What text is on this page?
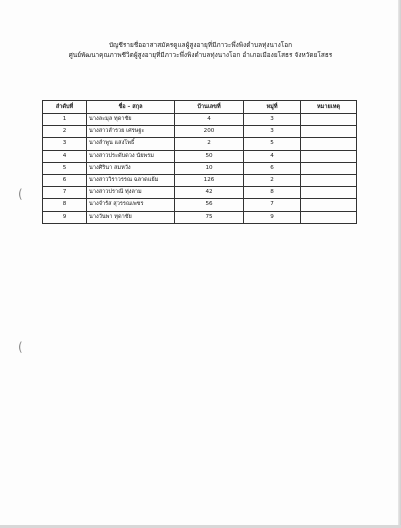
บัญชีรายชื่ออาสาสมัครดูแลผู้สูงอายุที่มีภาวะพึ่งพิงตำบลทุ่งนางโอก
ศูนย์พัฒนาคุณภาพชีวิตผู้สูงอายุที่มีภาวะพึ่งพิงตำบลทุ่งนางโอก อำเภอเมืองยโสธร จังหวัดยโสธร
(
(
ลำดับที่	ชื่อ – สกุล	บ้านเลขที่	หมู่ที่	หมายเหตุ
1	นางละมุล ทุดาชัย	4	3	
2	นางสาวลำรวย เศรษฐะ	200	3	
3	นางลำพูน แสงโพธิ์	2	5	
4	นางสาวประดับดวง นัยพรม	50	4	
5	นางศิรินา สมหวัง	10	6	
6	นางสาววิราวรรณ ฉลาดแย้ม	126	2	
7	นางสาวปราณี ทุ่งลาม	42	8	
8	นางจำรัส สุวรรณเพชร	56	7	
9	นางวันพา ทุดาชัย	75	9	
